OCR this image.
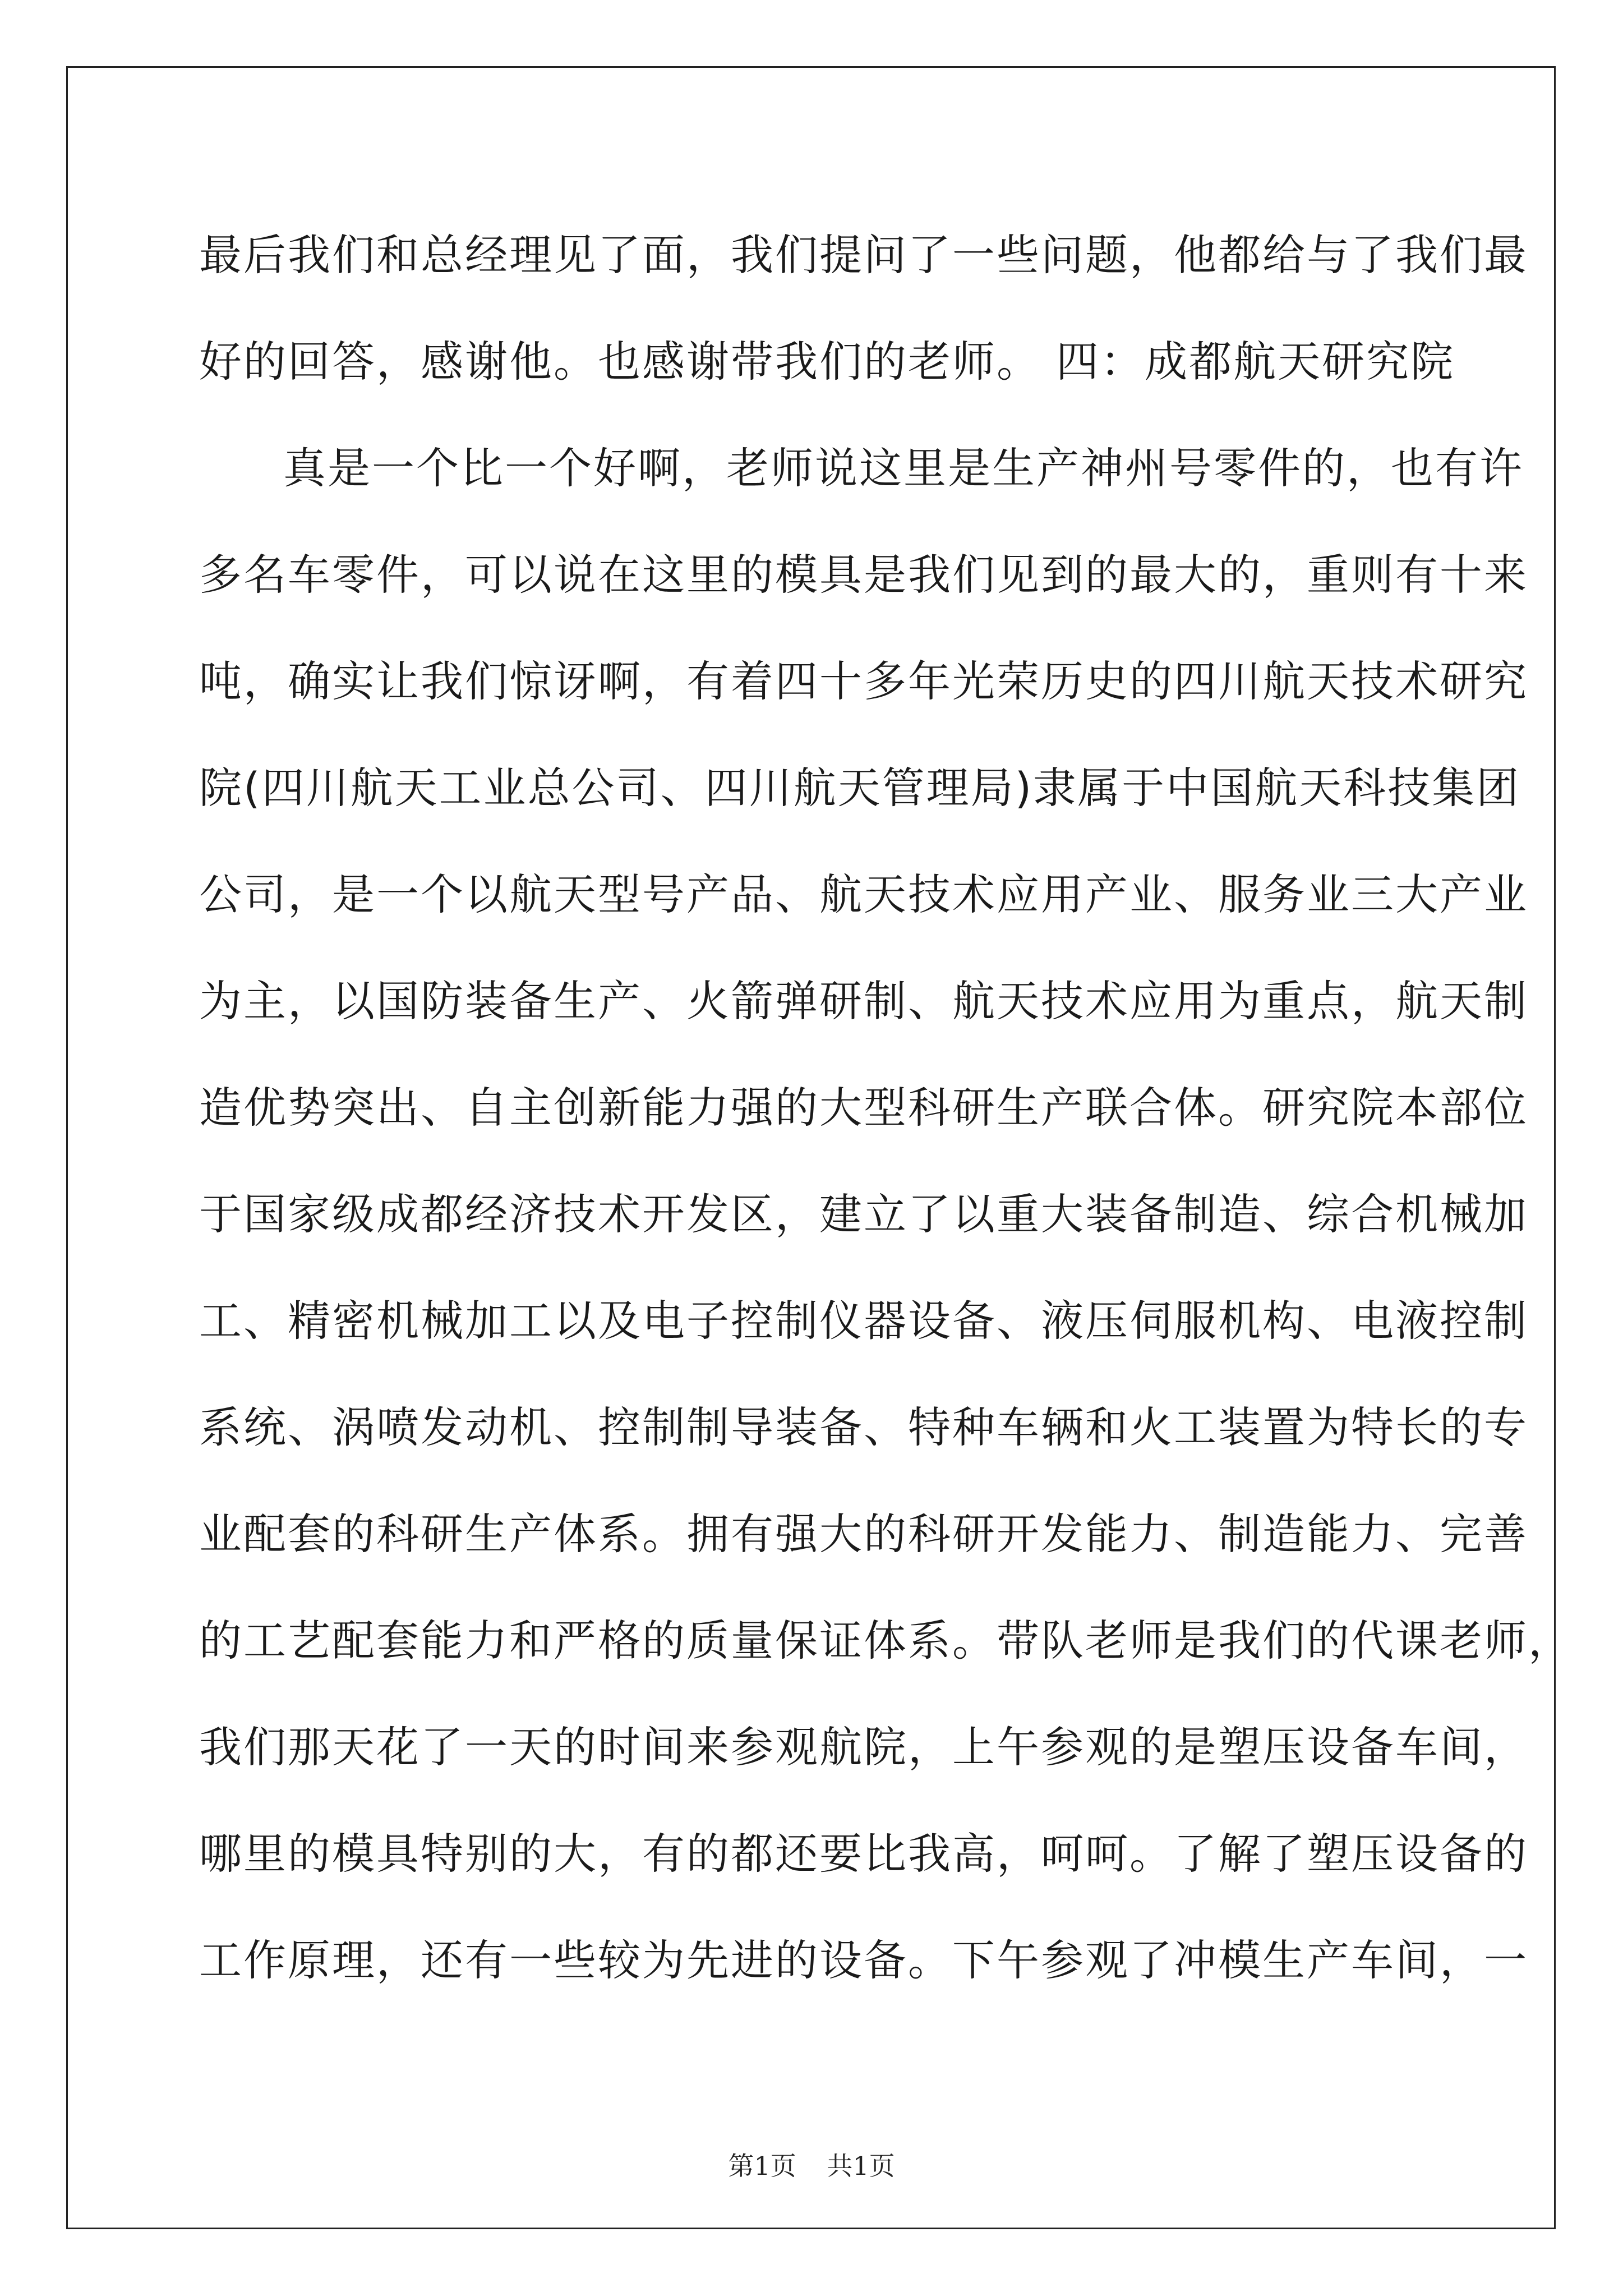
最后我们和总经理见了面，我们提问了一些问题，他都给与了我们最
好的回答，感谢他。也感谢带我们的老师。 四：成都航天研究院
真是一个比一个好啊，老师说这里是生产神州号零件的，也有许
多名车零件，可以说在这里的模具是我们见到的最大的，重则有十来
吨，确实让我们惊讶啊，有着四十多年光荣历史的四川航天技术研究
院(四川航天工业总公司、四川航天管理局)隶属于中国航天科技集团
公司，是一个以航天型号产品、航天技术应用产业、服务业三大产业
为主，以国防装备生产、火箭弹研制、航天技术应用为重点，航天制
造优势突出、自主创新能力强的大型科研生产联合体。研究院本部位
于国家级成都经济技术开发区，建立了以重大装备制造、综合机械加
工、精密机械加工以及电子控制仪器设备、液压伺服机构、电液控制
系统、涡喷发动机、控制制导装备、特种车辆和火工装置为特长的专
业配套的科研生产体系。拥有强大的科研开发能力、制造能力、完善
的工艺配套能力和严格的质量保证体系。带队老师是我们的代课老师，
我们那天花了一天的时间来参观航院，上午参观的是塑压设备车间，
哪里的模具特别的大，有的都还要比我高，呵呵。了解了塑压设备的
工作原理，还有一些较为先进的设备。下午参观了冲模生产车间，一
第1页 共1页
